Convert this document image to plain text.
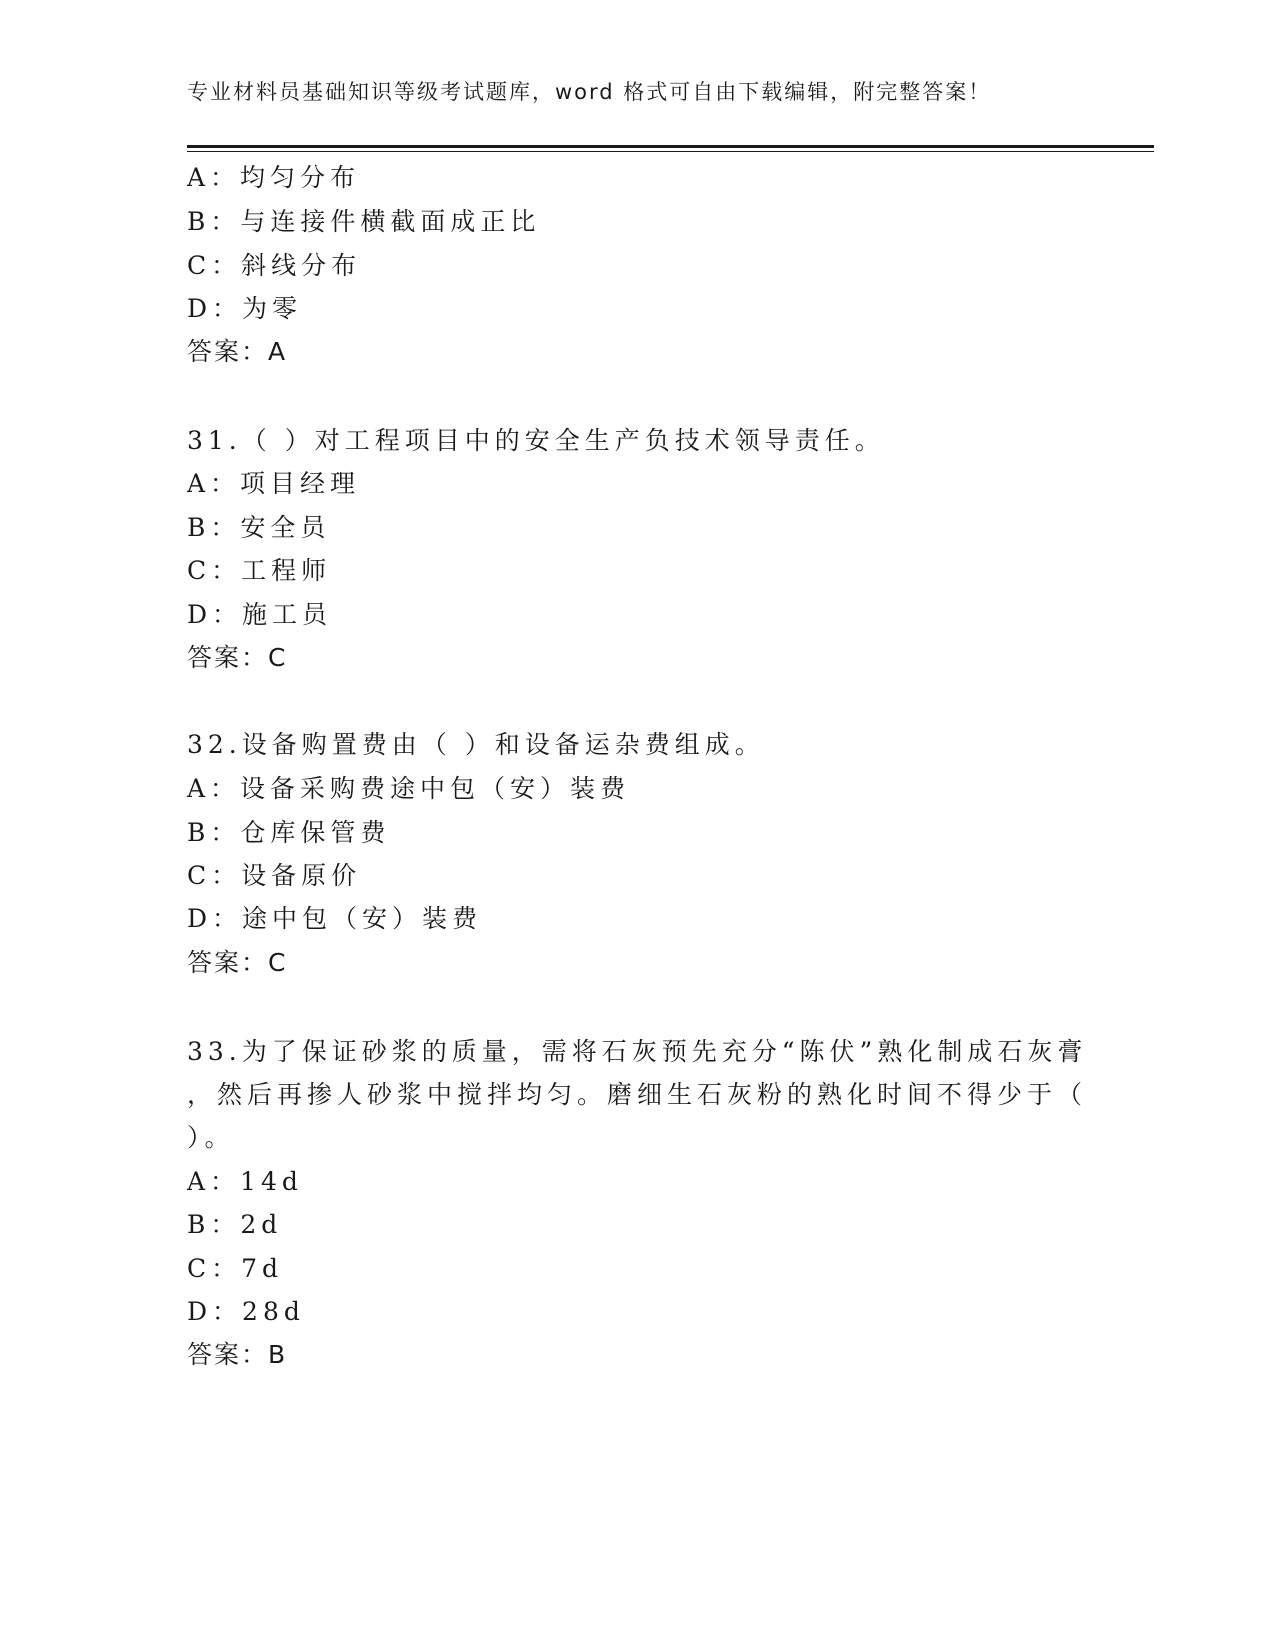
专业材料员基础知识等级考试题库，word 格式可自由下载编辑，附完整答案！
A：均匀分布
B：与连接件横截面成正比
C：斜线分布
D：为零
答案：A
31.（ ）对工程项目中的安全生产负技术领导责任。
A：项目经理
B：安全员
C：工程师
D：施工员
答案：C
32.设备购置费由（ ）和设备运杂费组成。
A：设备采购费途中包（安）装费
B：仓库保管费
C：设备原价
D：途中包（安）装费
答案：C
33.为了保证砂浆的质量，需将石灰预先充分“陈伏”熟化制成石灰膏
，然后再掺人砂浆中搅拌均匀。磨细生石灰粉的熟化时间不得少于（
）。
A：14d
B：2d
C：7d
D：28d
答案：B
